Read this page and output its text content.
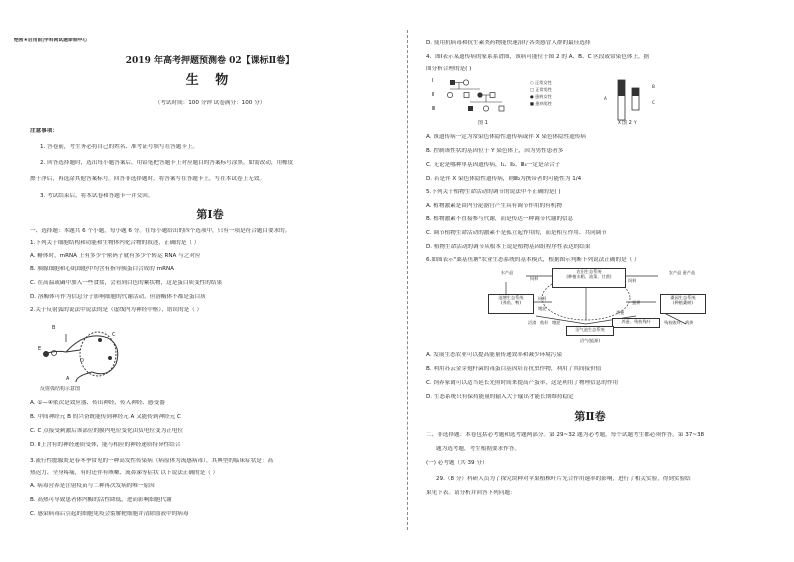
绝密★启用前|学科网试题命制中心
2019 年高考押题预测卷 02【课标Ⅱ卷】
生 物
（考试时间：100 分钟 试卷满分：100 分）
注意事项：
1. 答卷前，考生务必将自己的姓名、准考证号填写在答题卡上。
2. 回答选择题时，选出每小题答案后，用铅笔把答题卡上对应题目的答案标号涂黑。如需改动，用橡皮
擦干净后，再选涂其他答案标号。回答非选择题时，将答案写在答题卡上，写在本试卷上无效。
3. 考试结束后，将本试卷和答题卡一并交回。
第Ⅰ卷
一、选择题：本题共 6 个小题，每小题 6 分。在每小题给出的四个选项中，只有一项是符合题目要求的。
1.下列关于细胞结构和功能和生物体内化合物的叙述，正确的是（ ）
A. 糖体时，mRNA 上有多少个密码子就有多少个转运 RNA 与之对应
B. 胰腺细胞和心肌细胞中均含有指导胰蛋白合成的 mRNA
C. 在高温或碱中加入一些食盐，会看到白色的絮状物，这是蛋白质变性的结果
D. 溶酶体可作为信息分子影响细胞的代谢活动，但溶酶体不都是蛋白质
2.关于反射弧的说法中说法的是（虚线内为神经中枢），错误的是（ ）
B
C
D
A
E
反射弧结构示意图
A. ①—④依次是效应器、传出神经、传入神经、感受器
B. 中间神经元 B 的兴奋既能传到神经元 A 又能传到神经元 C
C. C 点接受刺激后该部位的膜内电位变化由负电位变为正电位
D. Ⅱ上含有的神经递质受体，能与相应的神经递质特异性结合
3.流行性腮腺炎是春冬季常见的一种高发性传染病（病原体为流感病毒），其典型的临床症状是：高
热迟力、全身疼痛，有时还伴有咳嗽、流鼻涕等症状 以下说法正确的是（ ）
A. 病毒营养是注射疫苗与二种再次发病的唯一原因
B. 高热可导致患者体内酶的活性降低，进而影响细胞代谢
C. 感染病毒后引起的细胞免疫会裂解靶细胞并清除血液中的病毒
D. 使用抗病毒和抗生素类药物能快速治疗各类感冒人群的最佳选择
4．图Ⅰ表示某遗传病的家系系谱图，该病可能位于图 2 的 A、B、C 区段或常染色体上，据
图分析合理的是( )
Ⅰ
Ⅱ
Ⅲ
○ 正常女性
□ 正常男性
● 患病女性
■ 患病男性
图 1
A
B
C
X	Y
图 2
A. 该遗传病一定为常染色体隐性遗传病或伴 X 染色体隐性遗传病
B. 控制该性状的基因位于 Y 染色体上，因为男性患者多
C. 无论是哪种单基因遗传病，Ⅰ₁、Ⅱ₂、Ⅲ₄一定是杂合子
D. 若是伴 X 染色体隐性遗传病，则Ⅲ₂为携带者的可能性为 1/4
5.下列关于植物生命活动的调节的说法中不正确的是( )
A. 植物激素是由内分泌器官产生具有调节作用的有机物
B. 植物激素不直接参与代谢，而是传达一种调节代谢的信息
C. 调节植物生命活动的激素不是孤立起作用的，而是相互作用、共同调节
D. 植物生命活动的调节从根本上说是植物基因组程序性表达的结果
6.如图表示"桑基鱼塘"农业生态系统的基本模式，根据图示判断下列说法正确的是（ ）
水产品	农田生态系统
(种植水稻、油菜、甘蔗)
农产品 蚕产品
池塘生态系统
(养鱼、鸭)
桑园生态系统
(种植桑树)
养蚕、残枝残叶
沼气池生态系统
沼气(能源)
饲料
饲料
塘泥
沼渣 秸秆 塘泥
蚕粪
粪便
残枝败叶、鸡粪
饲料
A. 发展生态农业可以提高能量传递效率和减少环境污染
B. 利用苏云金芽孢杆菌的毒蛋白基因培育抗虫作物，利用了其间接价值
C. 饲养家禽可以适当延长光照时间来提高产蛋率，这是利用了物理信息的作用
D. 生态系统只有保持能量的输入大于输出才能长期维持稳定
第Ⅱ卷
二、非选择题：本卷包括必考题和选考题两部分。第 29~32 题为必考题，每个试题考生都必须作答。第 37~38
题为选考题，考生根据要求作答。
(一) 必考题（共 39 分）
29.（8 分）科研人员为了探究块种对苹果植株叶片光合作用速率的影响，进行了相关实验，得到实验结
果见下表。请分析并回答下列问题：
